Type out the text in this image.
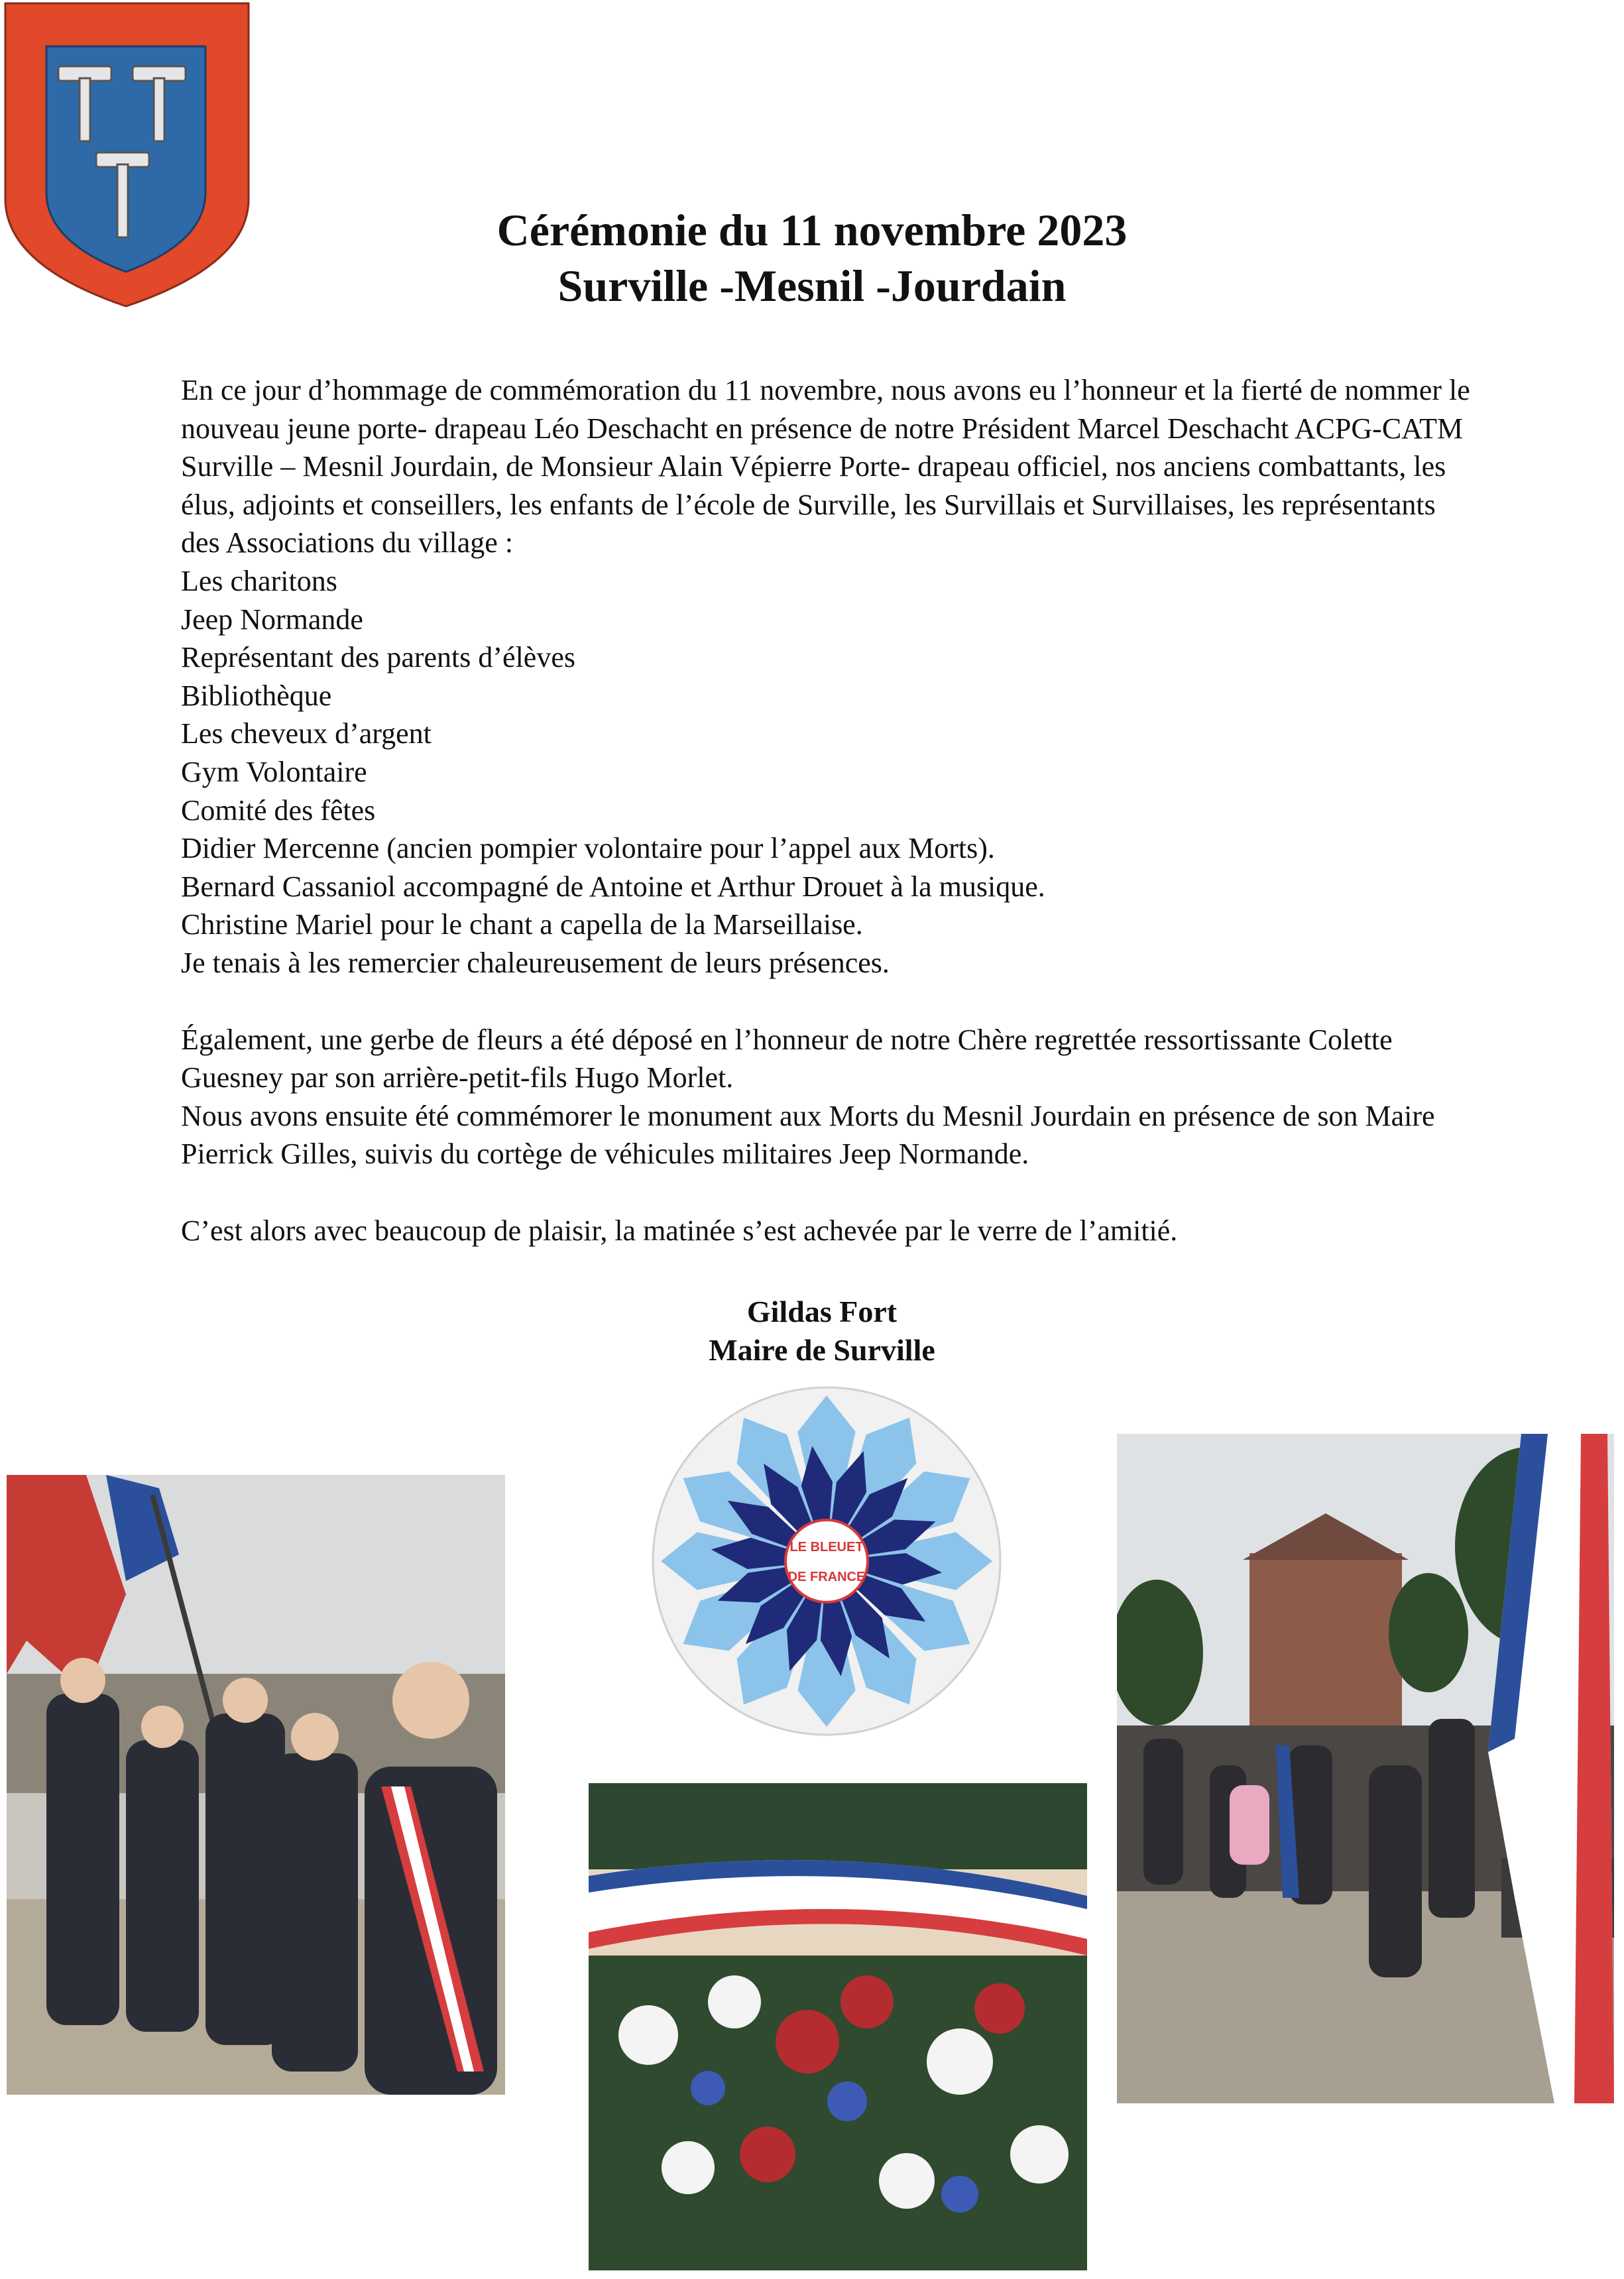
Cérémonie du 11 novembre 2023
Surville -Mesnil -Jourdain

En ce jour d’hommage de commémoration du 11 novembre, nous avons eu l’honneur et la fierté de nommer le nouveau jeune porte- drapeau Léo Deschacht en présence de notre Président Marcel Deschacht ACPG-CATM Surville – Mesnil Jourdain, de Monsieur Alain Vépierre Porte- drapeau officiel, nos anciens combattants, les élus, adjoints et conseillers, les enfants de l’école de Surville, les Survillais et Survillaises, les représentants des Associations du village :

Les charitons

Jeep Normande

Représentant des parents d’élèves

Bibliothèque

Les cheveux d’argent

Gym Volontaire

Comité des fêtes

Didier Mercenne (ancien pompier volontaire pour l’appel aux Morts).

Bernard Cassaniol accompagné de Antoine et Arthur Drouet à la musique.

Christine Mariel pour le chant a capella de la Marseillaise.

Je tenais à les remercier chaleureusement de leurs présences.

Également, une gerbe de fleurs a été déposé en l’honneur de notre Chère regrettée ressortissante Colette Guesney par son arrière-petit-fils Hugo Morlet.

Nous avons ensuite été commémorer le monument aux Morts du Mesnil Jourdain en présence de son Maire Pierrick Gilles, suivis du cortège de véhicules militaires Jeep Normande.

C’est alors avec beaucoup de plaisir, la matinée s’est achevée par le verre de l’amitié.

Gildas Fort
Maire de Surville
LE BLEUET
DE FRANCE
